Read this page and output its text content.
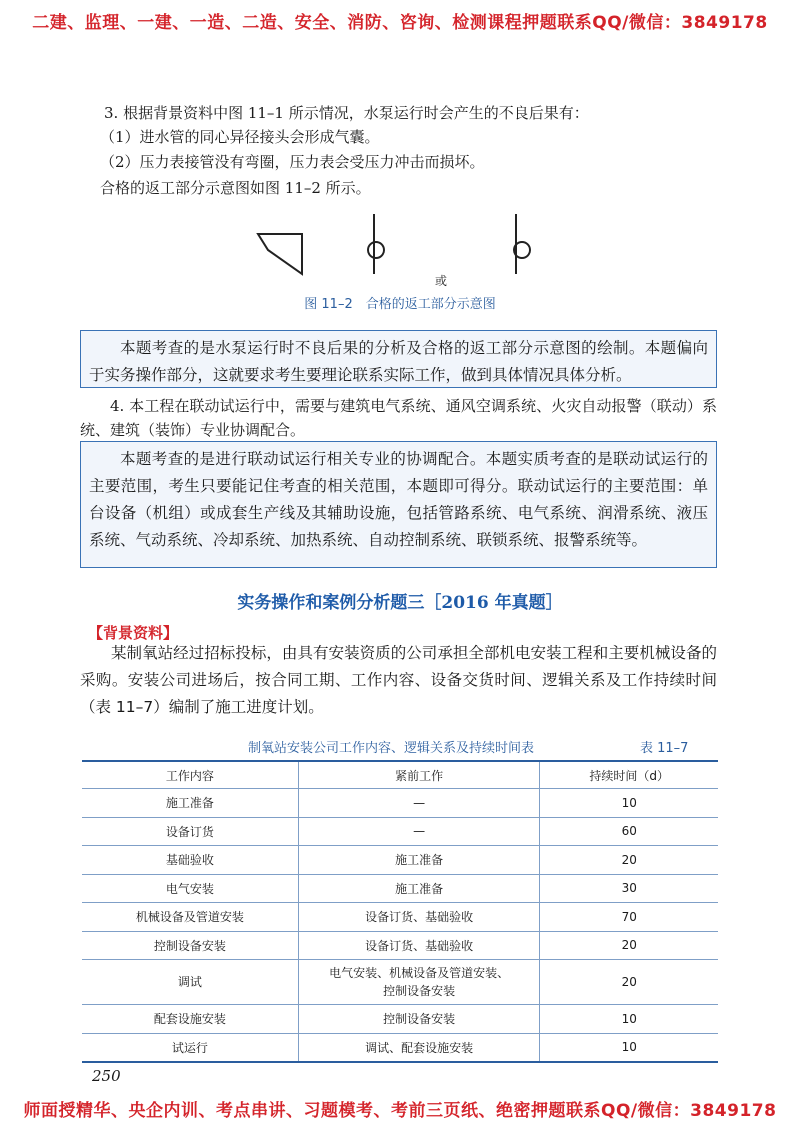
二建、监理、一建、一造、二造、安全、消防、咨询、检测课程押题联系QQ/微信：3849178
3. 根据背景资料中图 11–1 所示情况，水泵运行时会产生的不良后果有：
（1）进水管的同心异径接头会形成气囊。
（2）压力表接管没有弯圈，压力表会受压力冲击而损坏。
合格的返工部分示意图如图 11–2 所示。
或
图 11–2　合格的返工部分示意图

本题考查的是水泵运行时不良后果的分析及合格的返工部分示意图的绘制。本题偏向于实务操作部分，这就要求考生要理论联系实际工作，做到具体情况具体分析。

4. 本工程在联动试运行中，需要与建筑电气系统、通风空调系统、火灾自动报警（联动）系统、建筑（装饰）专业协调配合。

本题考查的是进行联动试运行相关专业的协调配合。本题实质考查的是联动试运行的主要范围，考生只要能记住考查的相关范围，本题即可得分。联动试运行的主要范围：单台设备（机组）或成套生产线及其辅助设施，包括管路系统、电气系统、润滑系统、液压系统、气动系统、冷却系统、加热系统、自动控制系统、联锁系统、报警系统等。

实务操作和案例分析题三［2016 年真题］
【背景资料】
某制氧站经过招标投标，由具有安装资质的公司承担全部机电安装工程和主要机械设备的采购。安装公司进场后，按合同工期、工作内容、设备交货时间、逻辑关系及工作持续时间（表 11–7）编制了施工进度计划。
制氧站安装公司工作内容、逻辑关系及持续时间表	表 11–7
工作内容	紧前工作	持续时间（d）
施工准备	—	10
设备订货	—	60
基础验收	施工准备	20
电气安装	施工准备	30
机械设备及管道安装	设备订货、基础验收	70
控制设备安装	设备订货、基础验收	20
调试	电气安装、机械设备及管道安装、控制设备安装	20
配套设施安装	控制设备安装	10
试运行	调试、配套设施安装	10
250
师面授精华、央企内训、考点串讲、习题模考、考前三页纸、绝密押题联系QQ/微信：3849178
